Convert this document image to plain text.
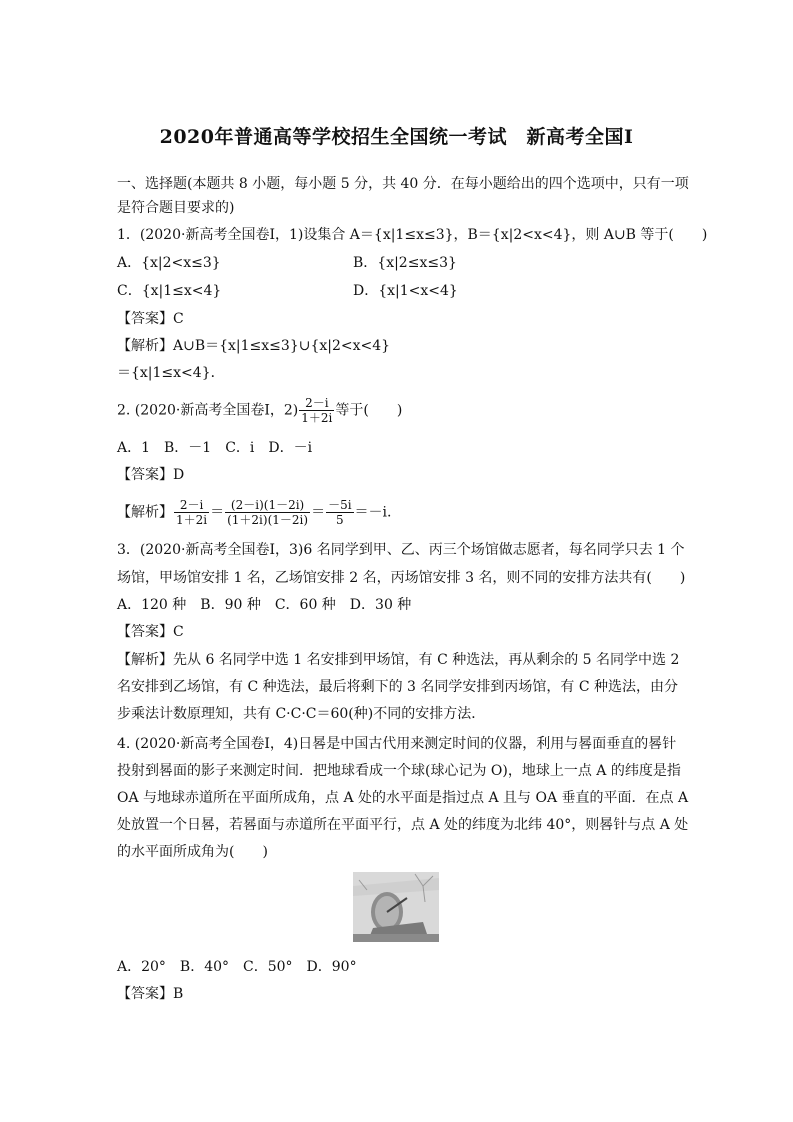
2020年普通高等学校招生全国统一考试　新高考全国Ⅰ
一、选择题(本题共 8 小题，每小题 5 分，共 40 分．在每小题给出的四个选项中，只有一项
是符合题目要求的)
1．(2020·新高考全国卷Ⅰ，1)设集合 A＝{x|1≤x≤3}，B＝{x|2<x<4}，则 A∪B 等于(　　)
A．{x|2<x≤3}	B．{x|2≤x≤3}
C．{x|1≤x<4}	D．{x|1<x<4}
【答案】C
【解析】A∪B＝{x|1≤x≤3}∪{x|2<x<4}
＝{x|1≤x<4}．
2. (2020·新高考全国卷Ⅰ，$2) \frac{2-i}{1+2i}$ 等于(　　)
A．1　B．－1　C．i　D．－i
【答案】D
【解析】 $\frac{2-i}{1+2i} = \frac{(2-i)(1-2i)}{(1+2i)(1-2i)} = \frac{-5i}{5} =-i$.
3．(2020·新高考全国卷Ⅰ，3)6 名同学到甲、乙、丙三个场馆做志愿者，每名同学只去 1 个
场馆，甲场馆安排 1 名，乙场馆安排 2 名，丙场馆安排 3 名，则不同的安排方法共有(　　)
A．120 种　B．90 种　C．60 种　D．30 种
【答案】C
【解析】先从 6 名同学中选 1 名安排到甲场馆，有 C 种选法，再从剩余的 5 名同学中选 2
名安排到乙场馆，有 C 种选法，最后将剩下的 3 名同学安排到丙场馆，有 C 种选法，由分
步乘法计数原理知，共有 C·C·C＝60(种)不同的安排方法．
4. (2020·新高考全国卷Ⅰ，4)日晷是中国古代用来测定时间的仪器，利用与晷面垂直的晷针
投射到晷面的影子来测定时间．把地球看成一个球(球心记为 O)，地球上一点 A 的纬度是指
OA 与地球赤道所在平面所成角，点 A 处的水平面是指过点 A 且与 OA 垂直的平面．在点 A
处放置一个日晷，若晷面与赤道所在平面平行，点 A 处的纬度为北纬 40°，则晷针与点 A 处
的水平面所成角为(　　)
A．20°　B．40°　C．50°　D．90°
【答案】B
